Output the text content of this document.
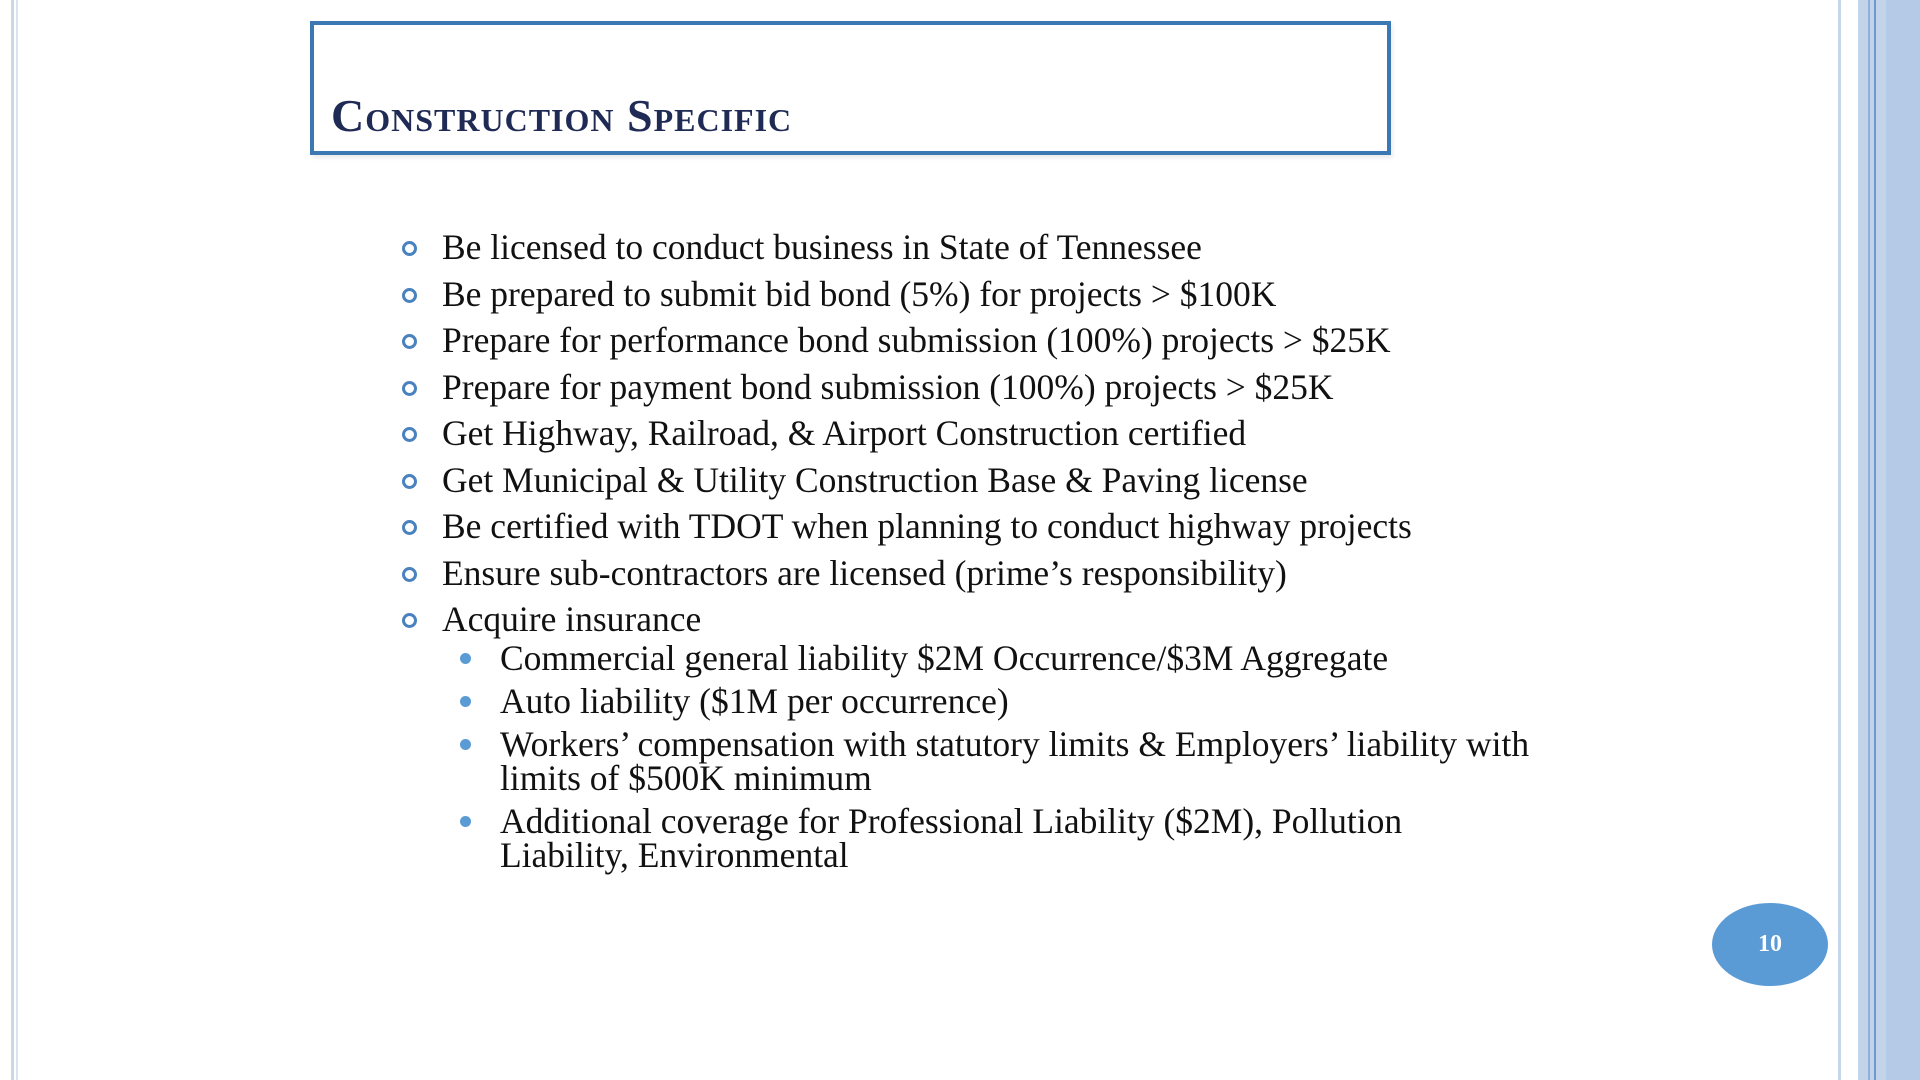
Construction Specific
Be licensed to conduct business in State of Tennessee
Be prepared to submit bid bond (5%) for projects > $100K
Prepare for performance bond submission (100%) projects > $25K
Prepare for payment bond submission (100%) projects > $25K
Get Highway, Railroad, & Airport Construction certified
Get Municipal & Utility Construction Base & Paving license
Be certified with TDOT when planning to conduct highway projects
Ensure sub-contractors are licensed (prime’s responsibility)
Acquire insurance
Commercial general liability $2M Occurrence/$3M Aggregate
Auto liability ($1M per occurrence)
Workers’ compensation with statutory limits & Employers’ liability with limits of $500K minimum
Additional coverage for Professional Liability ($2M), Pollution Liability, Environmental
10
